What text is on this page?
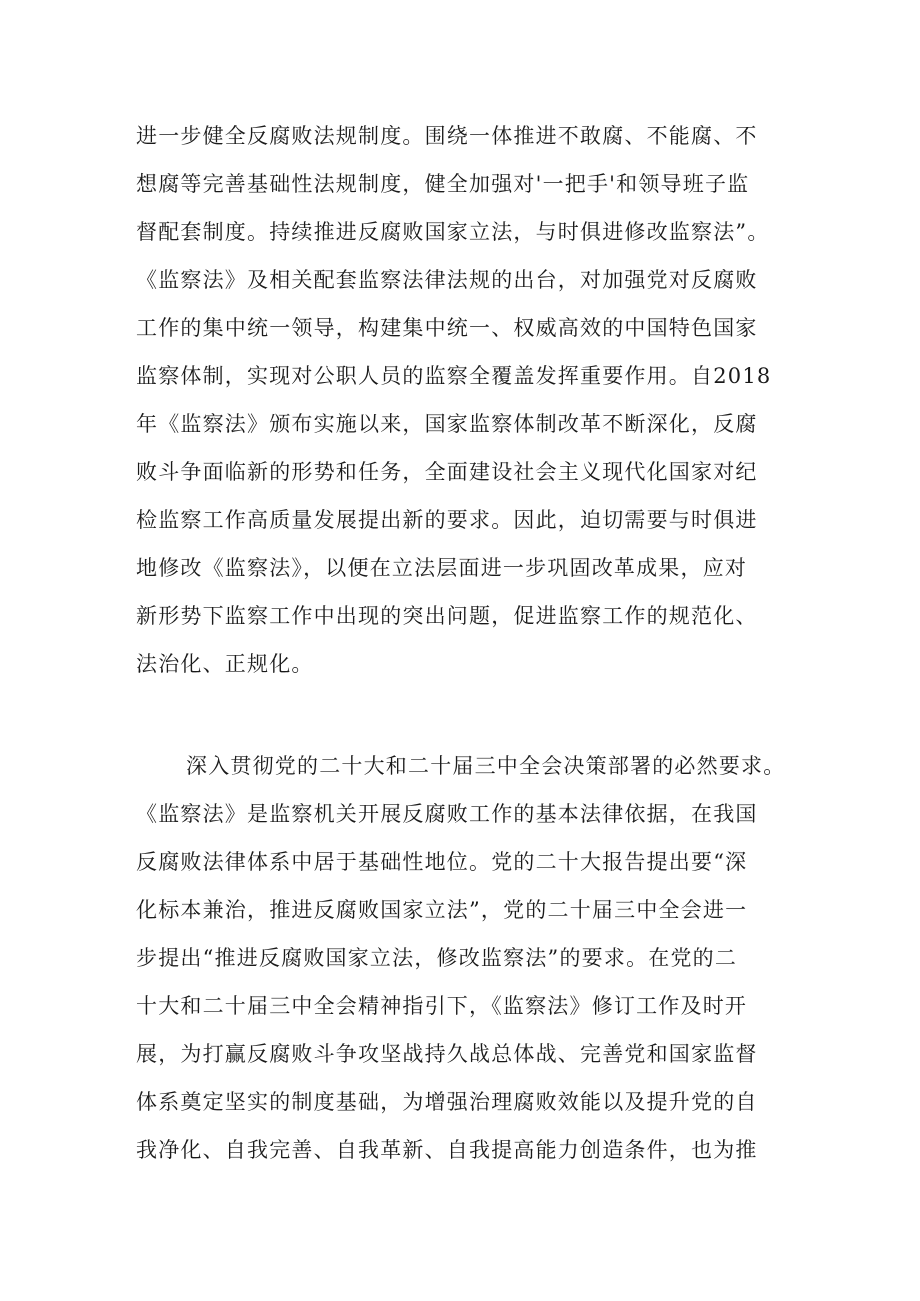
进一步健全反腐败法规制度。围绕一体推进不敢腐、不能腐、不
想腐等完善基础性法规制度，健全加强对'一把手'和领导班子监
督配套制度。持续推进反腐败国家立法，与时俱进修改监察法”。
《监察法》及相关配套监察法律法规的出台，对加强党对反腐败
工作的集中统一领导，构建集中统一、权威高效的中国特色国家
监察体制，实现对公职人员的监察全覆盖发挥重要作用。自2018
年《监察法》颁布实施以来，国家监察体制改革不断深化，反腐
败斗争面临新的形势和任务，全面建设社会主义现代化国家对纪
检监察工作高质量发展提出新的要求。因此，迫切需要与时俱进
地修改《监察法》，以便在立法层面进一步巩固改革成果，应对
新形势下监察工作中出现的突出问题，促进监察工作的规范化、
法治化、正规化。
深入贯彻党的二十大和二十届三中全会决策部署的必然要求。
《监察法》是监察机关开展反腐败工作的基本法律依据，在我国
反腐败法律体系中居于基础性地位。党的二十大报告提出要“深
化标本兼治，推进反腐败国家立法”，党的二十届三中全会进一
步提出“推进反腐败国家立法，修改监察法”的要求。在党的二
十大和二十届三中全会精神指引下，《监察法》修订工作及时开
展，为打赢反腐败斗争攻坚战持久战总体战、完善党和国家监督
体系奠定坚实的制度基础，为增强治理腐败效能以及提升党的自
我净化、自我完善、自我革新、自我提高能力创造条件，也为推
